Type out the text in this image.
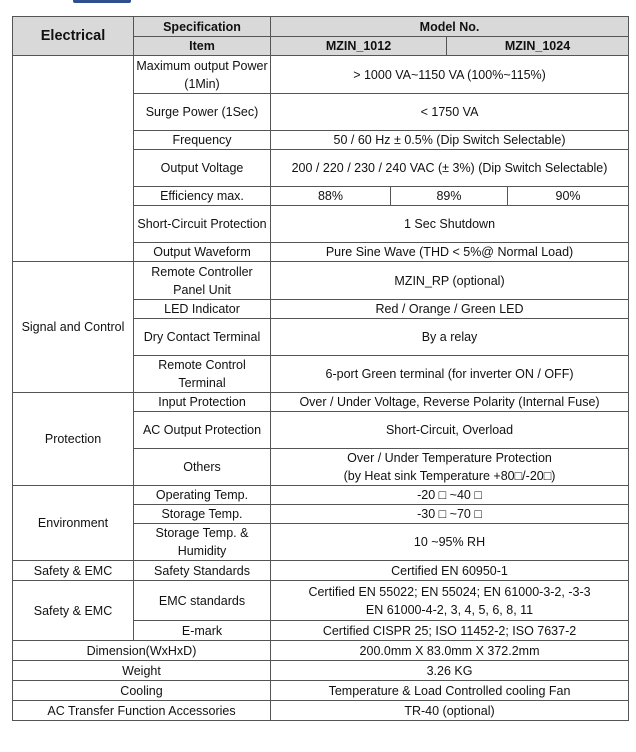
Electrical	Specification	Model No.			
	Item	MZIN_1012		MZIN_1024	
	Maximum output Power (1Min)	> 1000 VA~1150 VA (100%~115%)			
	Surge Power (1Sec)	< 1750 VA			
	Frequency	50 / 60 Hz ± 0.5% (Dip Switch Selectable)			
	Output Voltage	200 / 220 / 230 / 240 VAC (± 3%) (Dip Switch Selectable)			
	Efficiency max.	88%	89%		90%
	Short-Circuit Protection	1 Sec Shutdown			
	Output Waveform	Pure Sine Wave (THD < 5%@ Normal Load)			
Signal and Control	Remote Controller Panel Unit	MZIN_RP (optional)			
	LED Indicator	Red / Orange / Green LED			
	Dry Contact Terminal	By a relay			
	Remote Control Terminal	6-port Green terminal (for inverter ON / OFF)			
Protection	Input Protection	Over / Under Voltage, Reverse Polarity (Internal Fuse)			
	AC Output Protection	Short-Circuit, Overload			
	Others	Over / Under Temperature Protection
(by Heat sink Temperature +80□/-20□)			

Environment	Operating Temp.	-20 □ ~40 □			
	Storage Temp.	-30 □ ~70 □			
	Storage Temp. & Humidity	10 ~95% RH			
Safety & EMC	Safety Standards	Certified EN 60950-1			
Safety & EMC	EMC standards	Certified EN 55022; EN 55024; EN 61000-3-2, -3-3
EN 61000-4-2, 3, 4, 5, 6, 8, 11			

	E-mark	Certified CISPR 25; ISO 11452-2; ISO 7637-2			
Dimension(WxHxD)		200.0mm X 83.0mm X 372.2mm			
Weight		3.26 KG			
Cooling		Temperature & Load Controlled cooling Fan			
AC Transfer Function Accessories		TR-40 (optional)			
